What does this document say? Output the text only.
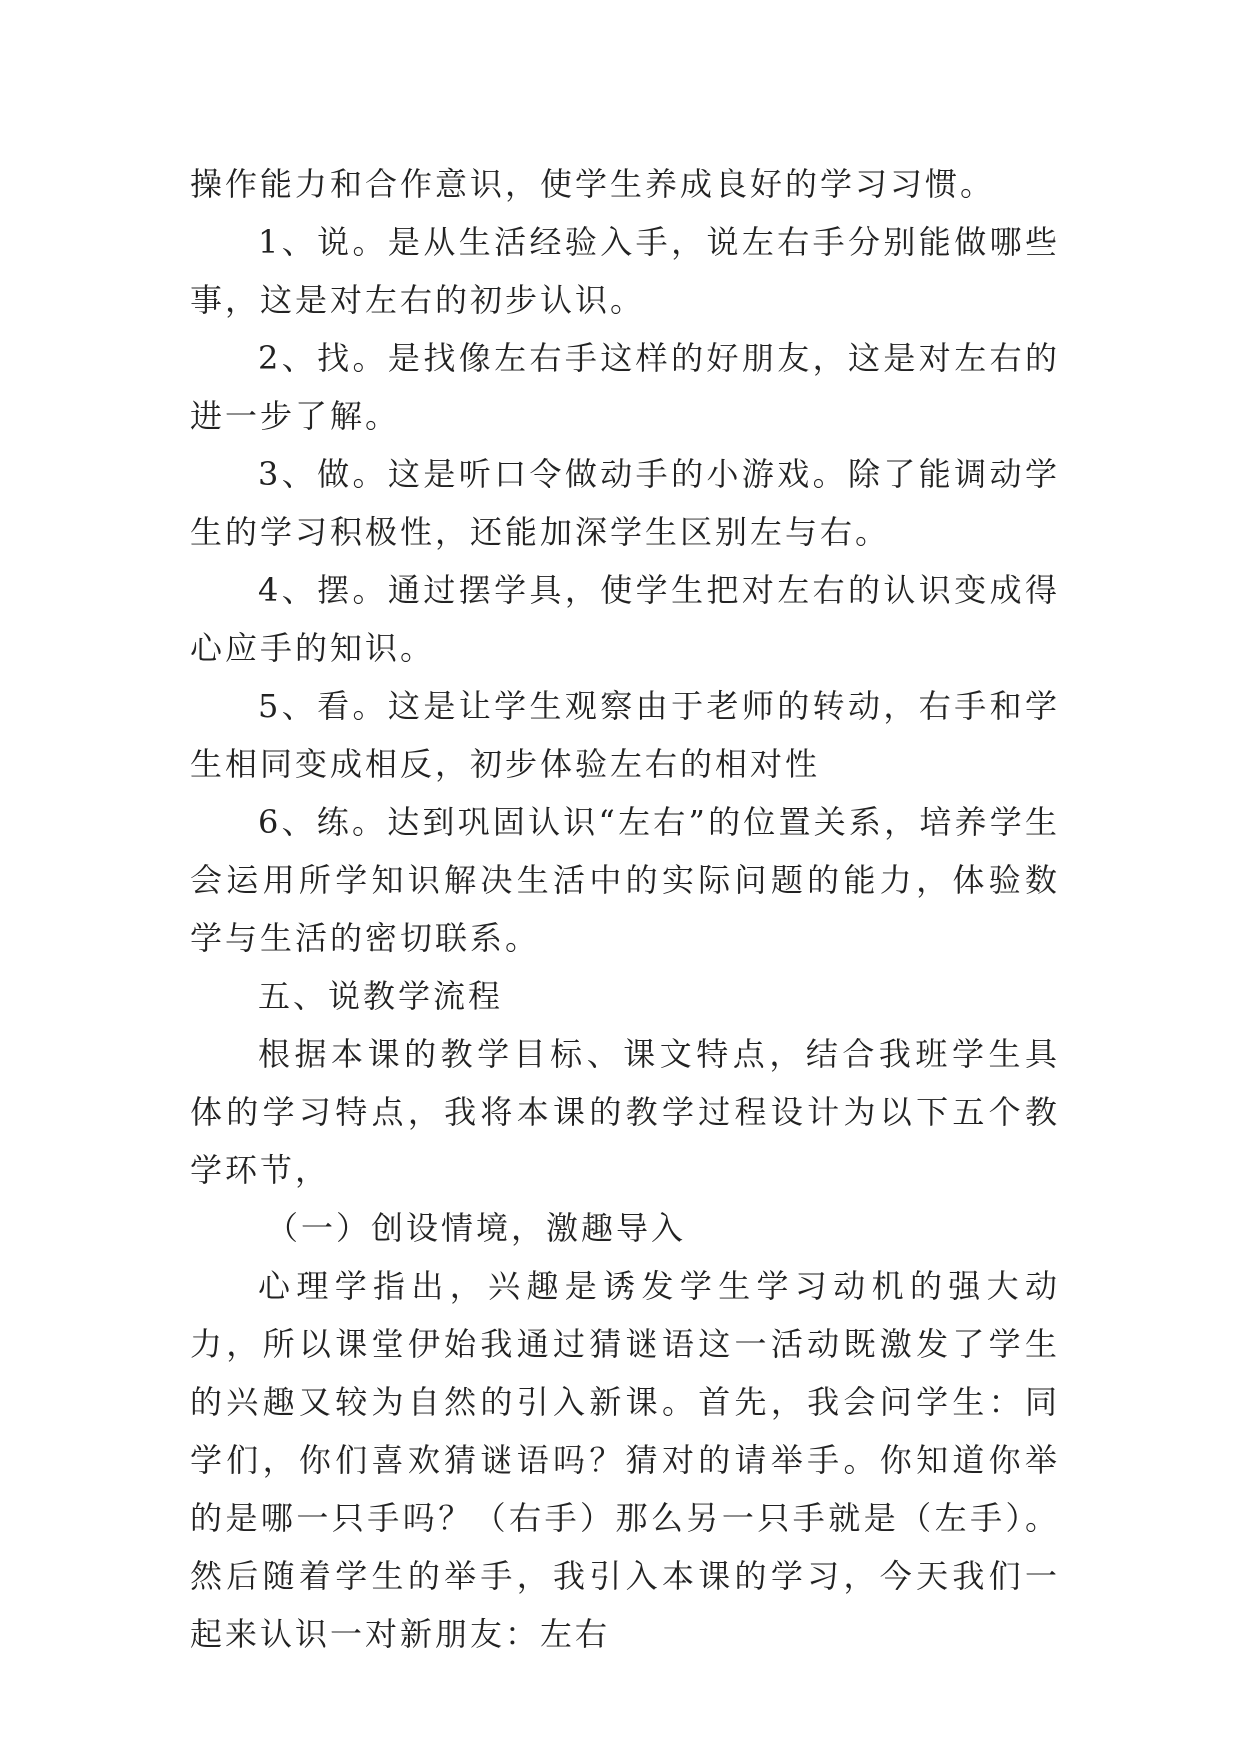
操作能力和合作意识，使学生养成良好的学习习惯。

1、说。是从生活经验入手，说左右手分别能做哪些事，这是对左右的初步认识。

2、找。是找像左右手这样的好朋友，这是对左右的进一步了解。

3、做。这是听口令做动手的小游戏。除了能调动学生的学习积极性，还能加深学生区别左与右。

4、摆。通过摆学具，使学生把对左右的认识变成得心应手的知识。

5、看。这是让学生观察由于老师的转动，右手和学生相同变成相反，初步体验左右的相对性

6、练。达到巩固认识“左右”的位置关系，培养学生会运用所学知识解决生活中的实际问题的能力，体验数学与生活的密切联系。

五、说教学流程

根据本课的教学目标、课文特点，结合我班学生具体的学习特点，我将本课的教学过程设计为以下五个教学环节，

（一）创设情境，激趣导入

心理学指出，兴趣是诱发学生学习动机的强大动力，所以课堂伊始我通过猜谜语这一活动既激发了学生的兴趣又较为自然的引入新课。首先，我会问学生：同学们，你们喜欢猜谜语吗？猜对的请举手。你知道你举的是哪一只手吗？（右手）那么另一只手就是（左手）。然后随着学生的举手，我引入本课的学习，今天我们一起来认识一对新朋友：左右
